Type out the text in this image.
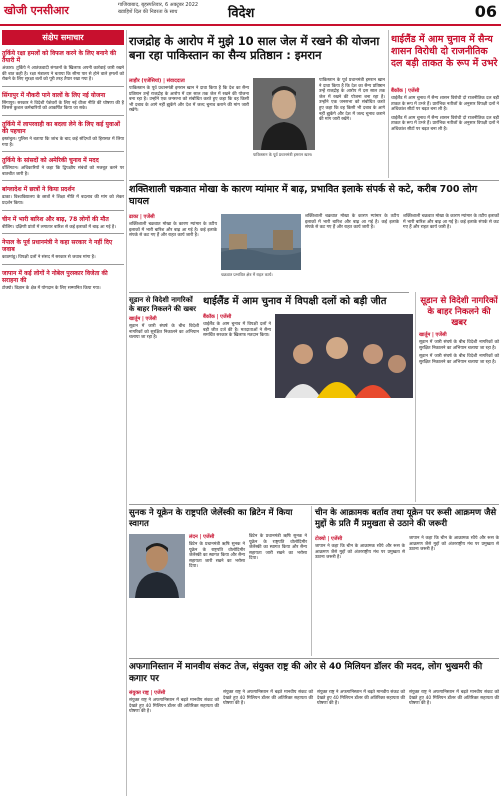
खोजी एनसीआर	गाजियाबाद, बृहस्पतिवार, 6 अक्टूबर 2022
ख्वाहिशें दिल की निडरता के साथ	विदेश	06
संक्षेप समाचार
तुर्किये रक्षा हमलों को विफल करने के लिए बनाने की तैयारी में
अंकारा। तुर्किये ने आतंकवादी संगठनों के खिलाफ अपनी कार्रवाई जारी रखने की बात कही है। रक्षा मंत्रालय ने बताया कि सीमा पार से होने वाले हमलों को रोकने के लिए सुरक्षा बलों को पूरी तरह तैयार रखा गया है।
सिंगापुर में नौकरी पाने वालों के लिए नई योजना
सिंगापुर। सरकार ने विदेशी पेशेवरों के लिए नई वीजा नीति की घोषणा की है जिससे कुशल कर्मचारियों को आकर्षित किया जा सके।
तुर्किये में लापरवाही का बदला लेने के लिए कई युवाओं की पहचान
इस्तांबुल। पुलिस ने बताया कि जांच के बाद कई संदिग्धों को हिरासत में लिया गया है।
तुर्किये के सांसदों को अमेरिकी चुनाव में मदद
वॉशिंगटन। अधिकारियों ने कहा कि द्विपक्षीय संबंधों को मजबूत करने पर बातचीत जारी है।
बांग्लादेश में छात्रों ने किया प्रदर्शन
ढाका। विश्वविद्यालय के छात्रों ने शिक्षा नीति में बदलाव की मांग को लेकर प्रदर्शन किया।
चीन में भारी बारिश और बाढ़, 78 लोगों की मौत
बीजिंग। दक्षिणी प्रांतों में लगातार बारिश से कई इलाकों में बाढ़ आ गई है।
नेपाल के पूर्व प्रधानमंत्री ने कहा सरकार ने नहीं दिए जवाब
काठमांडू। विपक्षी दलों ने संसद में सरकार से जवाब मांगा है।
जापान में कई लोगों ने नोबेल पुरस्कार विजेता की सराहना की
टोक्यो। विज्ञान के क्षेत्र में योगदान के लिए सम्मानित किया गया।
राजद्रोह के आरोप में मुझे 10 साल जेल में रखने की योजना बना रहा पाकिस्तान का सैन्य प्रतिष्ठान : इमरान
लाहौर (एजेंसियां) | संवाददाता
पाकिस्तान के पूर्व प्रधानमंत्री इमरान खान ने दावा किया है कि देश का सैन्य प्रतिष्ठान उन्हें राजद्रोह के आरोप में दस साल तक जेल में रखने की योजना बना रहा है। उन्होंने एक जनसभा को संबोधित करते हुए कहा कि वह किसी भी दबाव के आगे नहीं झुकेंगे और देश में जल्द चुनाव कराने की मांग जारी रखेंगे।
पाकिस्तान के पूर्व प्रधानमंत्री इमरान खान।
पाकिस्तान के पूर्व प्रधानमंत्री इमरान खान ने दावा किया है कि देश का सैन्य प्रतिष्ठान उन्हें राजद्रोह के आरोप में दस साल तक जेल में रखने की योजना बना रहा है। उन्होंने एक जनसभा को संबोधित करते हुए कहा कि वह किसी भी दबाव के आगे नहीं झुकेंगे और देश में जल्द चुनाव कराने की मांग जारी रखेंगे।
थाईलैंड में आम चुनाव में सैन्य शासन विरोधी दो राजनीतिक दल बड़ी ताकत के रूप में उभरे
बैंकॉक | एजेंसी
थाईलैंड में आम चुनाव में सैन्य शासन विरोधी दो राजनीतिक दल बड़ी ताकत के रूप में उभरे हैं। प्रारंभिक नतीजों के अनुसार विपक्षी दलों ने अधिकांश सीटों पर बढ़त बना ली है।
थाईलैंड में आम चुनाव में सैन्य शासन विरोधी दो राजनीतिक दल बड़ी ताकत के रूप में उभरे हैं। प्रारंभिक नतीजों के अनुसार विपक्षी दलों ने अधिकांश सीटों पर बढ़त बना ली है।
शक्तिशाली चक्रवात मोखा के कारण म्यांमार में बाढ़, प्रभावित इलाके संपर्क से कटे, करीब 700 लोग घायल
ढाका | एजेंसी
शक्तिशाली चक्रवात मोखा के कारण म्यांमार के तटीय इलाकों में भारी बारिश और बाढ़ आ गई है। कई इलाके संपर्क से कट गए हैं और राहत कार्य जारी है।
चक्रवात प्रभावित क्षेत्र में राहत कार्य।
शक्तिशाली चक्रवात मोखा के कारण म्यांमार के तटीय इलाकों में भारी बारिश और बाढ़ आ गई है। कई इलाके संपर्क से कट गए हैं और राहत कार्य जारी है।
शक्तिशाली चक्रवात मोखा के कारण म्यांमार के तटीय इलाकों में भारी बारिश और बाढ़ आ गई है। कई इलाके संपर्क से कट गए हैं और राहत कार्य जारी है।
सूडान से विदेशी नागरिकों के बाहर निकलने की खबर
खार्तूम | एजेंसी
सूडान में जारी संघर्ष के बीच विदेशी नागरिकों को सुरक्षित निकालने का अभियान चलाया जा रहा है।
थाईलैंड में आम चुनाव में विपक्षी दलों को बड़ी जीत
बैंकॉक | एजेंसी
थाईलैंड के आम चुनाव में विपक्षी दलों ने बड़ी जीत दर्ज की है। मतदाताओं ने सैन्य समर्थित सरकार के खिलाफ मतदान किया।
सूडान से विदेशी नागरिकों के बाहर निकलने की खबर
खार्तूम | एजेंसी
सूडान में जारी संघर्ष के बीच विदेशी नागरिकों को सुरक्षित निकालने का अभियान चलाया जा रहा है।
सूडान में जारी संघर्ष के बीच विदेशी नागरिकों को सुरक्षित निकालने का अभियान चलाया जा रहा है।
सुनक ने यूक्रेन के राष्ट्रपति जेलेंस्की का ब्रिटेन में किया स्वागत
लंदन | एजेंसी
ब्रिटेन के प्रधानमंत्री ऋषि सुनक ने यूक्रेन के राष्ट्रपति वोलोदिमीर जेलेंस्की का स्वागत किया और सैन्य सहायता जारी रखने का भरोसा दिया।
ब्रिटेन के प्रधानमंत्री ऋषि सुनक ने यूक्रेन के राष्ट्रपति वोलोदिमीर जेलेंस्की का स्वागत किया और सैन्य सहायता जारी रखने का भरोसा दिया।
चीन के आक्रामक बर्ताव तथा यूक्रेन पर रूसी आक्रमण जैसे मुद्दों के प्रति मैं प्रमुखता से उठाने की जरूरी
टोक्यो | एजेंसी
जापान ने कहा कि चीन के आक्रामक रवैये और रूस के आक्रमण जैसे मुद्दों को अंतरराष्ट्रीय मंच पर प्रमुखता से उठाना जरूरी है।
जापान ने कहा कि चीन के आक्रामक रवैये और रूस के आक्रमण जैसे मुद्दों को अंतरराष्ट्रीय मंच पर प्रमुखता से उठाना जरूरी है।
अफगानिस्तान में मानवीय संकट तेज, संयुक्त राष्ट्र की ओर से 40 मिलियन डॉलर की मदद, लोग भुखमरी की कगार पर
संयुक्त राष्ट्र | एजेंसी
संयुक्त राष्ट्र ने अफगानिस्तान में बढ़ते मानवीय संकट को देखते हुए 40 मिलियन डॉलर की अतिरिक्त सहायता की घोषणा की है।
संयुक्त राष्ट्र ने अफगानिस्तान में बढ़ते मानवीय संकट को देखते हुए 40 मिलियन डॉलर की अतिरिक्त सहायता की घोषणा की है।
संयुक्त राष्ट्र ने अफगानिस्तान में बढ़ते मानवीय संकट को देखते हुए 40 मिलियन डॉलर की अतिरिक्त सहायता की घोषणा की है।
संयुक्त राष्ट्र ने अफगानिस्तान में बढ़ते मानवीय संकट को देखते हुए 40 मिलियन डॉलर की अतिरिक्त सहायता की घोषणा की है।
